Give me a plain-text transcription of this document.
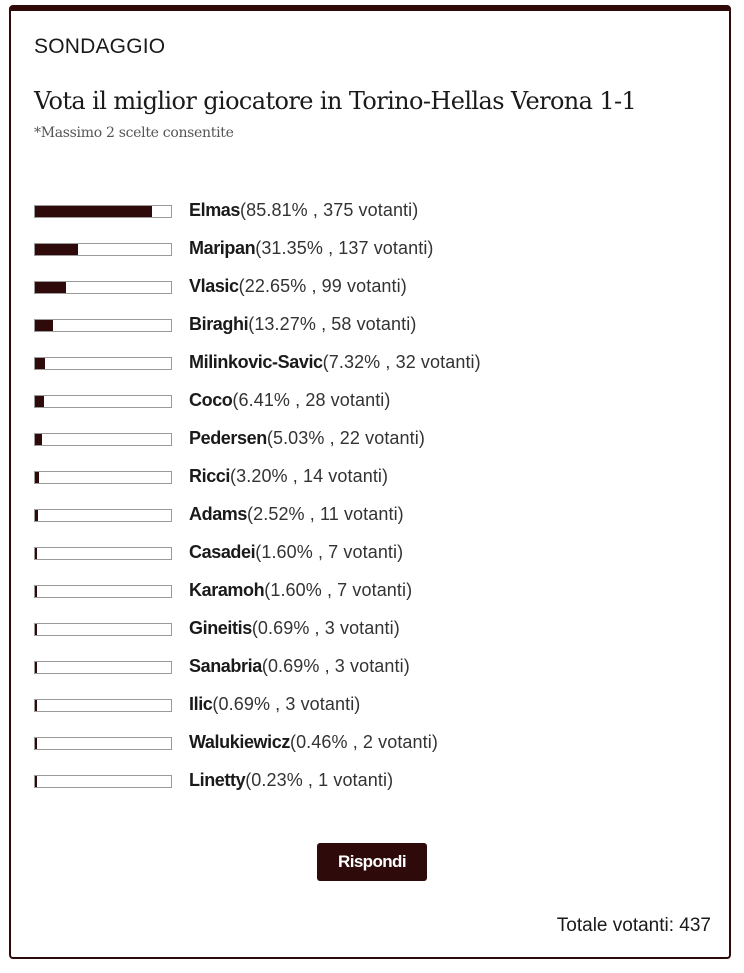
SONDAGGIO
Vota il miglior giocatore in Torino-Hellas Verona 1-1
*Massimo 2 scelte consentite
Elmas(85.81% , 375 votanti)
Maripan(31.35% , 137 votanti)
Vlasic(22.65% , 99 votanti)
Biraghi(13.27% , 58 votanti)
Milinkovic-Savic(7.32% , 32 votanti)
Coco(6.41% , 28 votanti)
Pedersen(5.03% , 22 votanti)
Ricci(3.20% , 14 votanti)
Adams(2.52% , 11 votanti)
Casadei(1.60% , 7 votanti)
Karamoh(1.60% , 7 votanti)
Gineitis(0.69% , 3 votanti)
Sanabria(0.69% , 3 votanti)
Ilic(0.69% , 3 votanti)
Walukiewicz(0.46% , 2 votanti)
Linetty(0.23% , 1 votanti)
Rispondi
Totale votanti: 437
